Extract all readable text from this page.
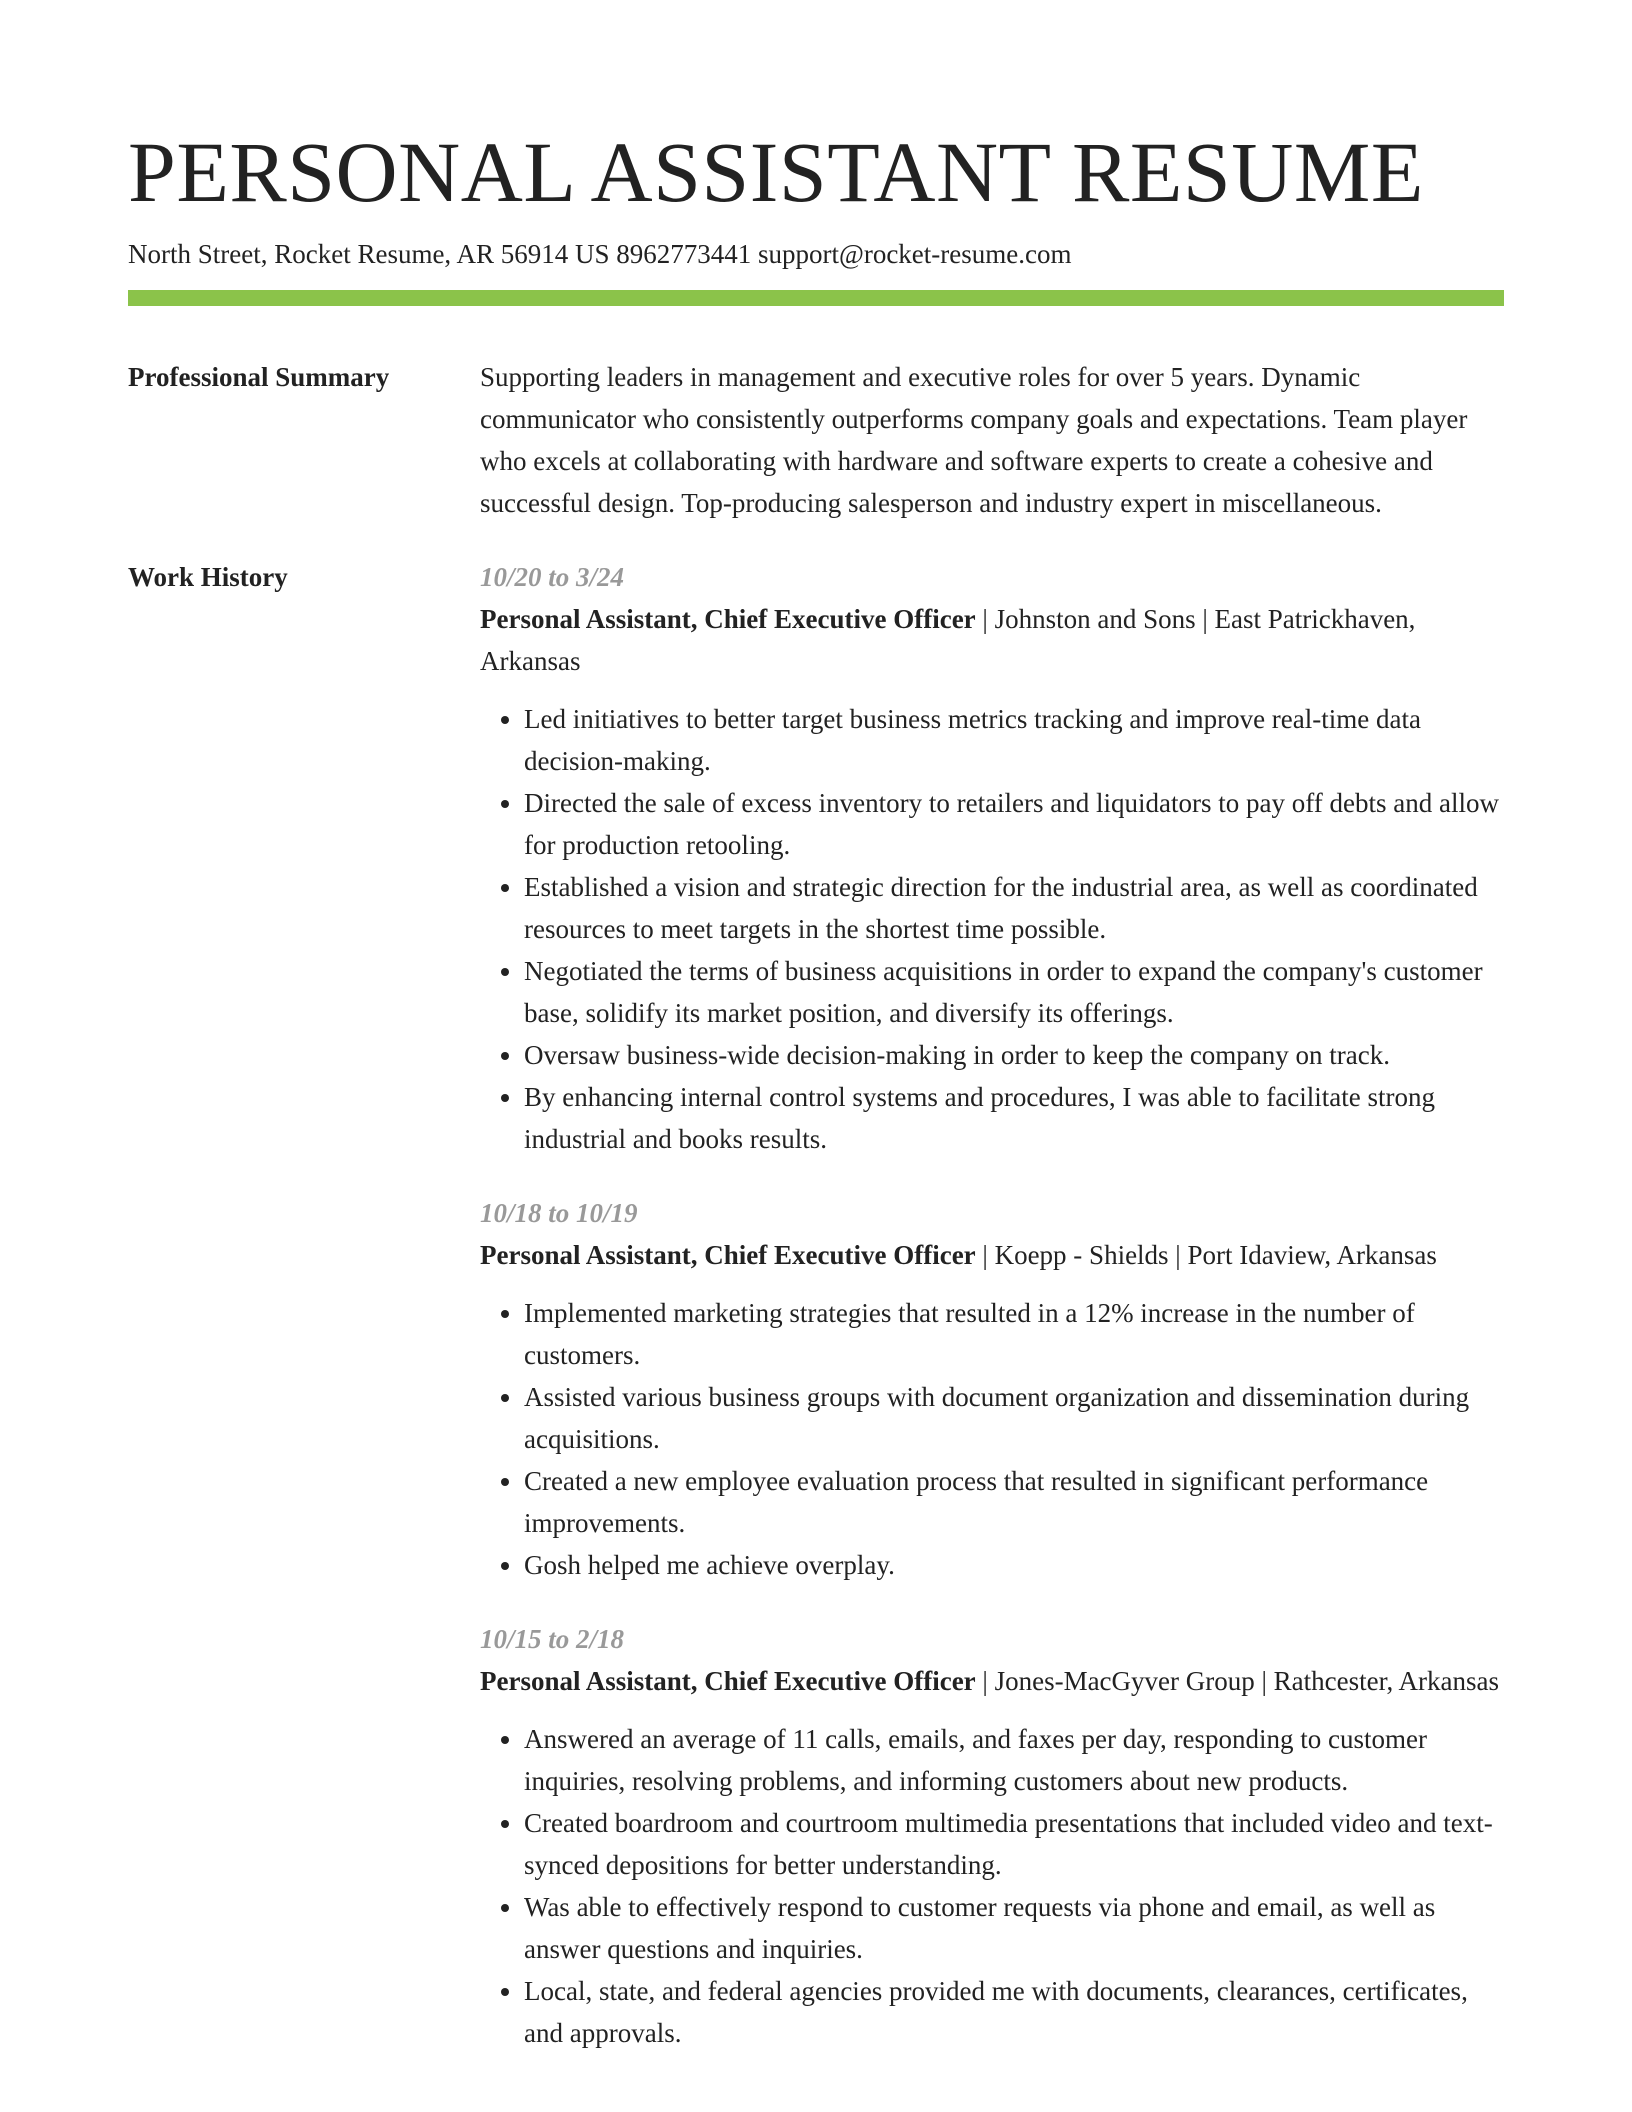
PERSONAL ASSISTANT RESUME
North Street, Rocket Resume, AR 56914 US 8962773441 support@rocket-resume.com
Professional Summary	Supporting leaders in management and executive roles for over 5 years. Dynamic communicator who consistently outperforms company goals and expectations. Team player who excels at collaborating with hardware and software experts to create a cohesive and successful design. Top-producing salesperson and industry expert in miscellaneous.

Work History	10/20 to 3/24
Personal Assistant, Chief Executive Officer | Johnston and Sons | East Patrickhaven, Arkansas
• Led initiatives to better target business metrics tracking and improve real-time data decision-making.
• Directed the sale of excess inventory to retailers and liquidators to pay off debts and allow for production retooling.
• Established a vision and strategic direction for the industrial area, as well as coordinated resources to meet targets in the shortest time possible.
• Negotiated the terms of business acquisitions in order to expand the company's customer base, solidify its market position, and diversify its offerings.
• Oversaw business-wide decision-making in order to keep the company on track.
• By enhancing internal control systems and procedures, I was able to facilitate strong industrial and books results.
10/18 to 10/19
Personal Assistant, Chief Executive Officer | Koepp - Shields | Port Idaview, Arkansas
• Implemented marketing strategies that resulted in a 12% increase in the number of customers.
• Assisted various business groups with document organization and dissemination during acquisitions.
• Created a new employee evaluation process that resulted in significant performance improvements.
• Gosh helped me achieve overplay.
10/15 to 2/18
Personal Assistant, Chief Executive Officer | Jones-MacGyver Group | Rathcester, Arkansas
• Answered an average of 11 calls, emails, and faxes per day, responding to customer inquiries, resolving problems, and informing customers about new products.
• Created boardroom and courtroom multimedia presentations that included video and text-synced depositions for better understanding.
• Was able to effectively respond to customer requests via phone and email, as well as answer questions and inquiries.
• Local, state, and federal agencies provided me with documents, clearances, certificates, and approvals.
